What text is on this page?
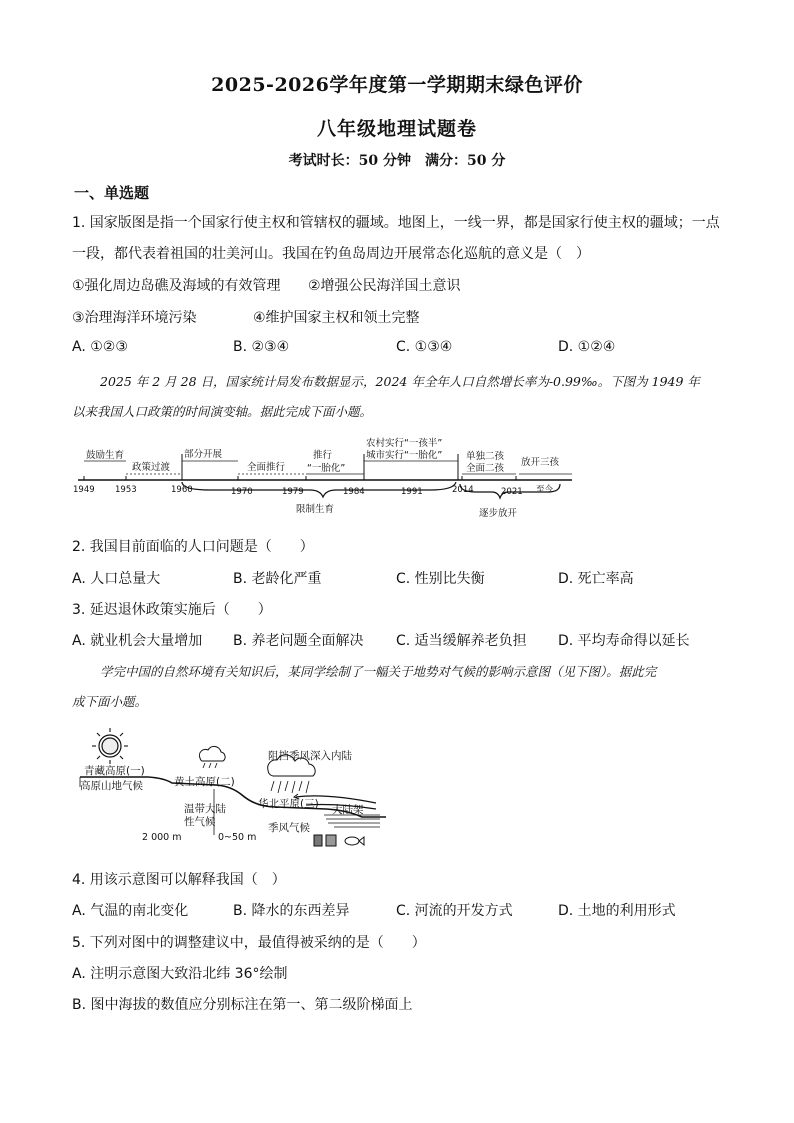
2025-2026学年度第一学期期末绿色评价
八年级地理试题卷
考试时长：50 分钟　满分：50 分
一、单选题
1. 国家版图是指一个国家行使主权和管辖权的疆域。地图上，一线一界，都是国家行使主权的疆域；一点
一段，都代表着祖国的壮美河山。我国在钓鱼岛周边开展常态化巡航的意义是（　）
①强化周边岛礁及海域的有效管理 ②增强公民海洋国土意识
③治理海洋环境污染	④维护国家主权和领土完整
A. ①②③	B. ②③④	C. ①③④	D. ①②④
2025 年 2 月 28 日，国家统计局发布数据显示，2024 年全年人口自然增长率为-0.99‰。下图为 1949 年
以来我国人口政策的时间演变轴。据此完成下面小题。
鼓励生育
政策过渡
部分开展
全面推行
推行
“一胎化”
农村实行“一孩半”
城市实行“一胎化” 单独二孩
全面二孩
放开三孩
1949 1953	1960	1970	1979	1984	1991	2014	2021 至今
限制生育	逐步放开
2. 我国目前面临的人口问题是（　　）
A. 人口总量大	B. 老龄化严重	C. 性别比失衡	D. 死亡率高
3. 延迟退休政策实施后（　　）
A. 就业机会大量增加 B. 养老问题全面解决 C. 适当缓解养老负担 D. 平均寿命得以延长
学完中国的自然环境有关知识后，某同学绘制了一幅关于地势对气候的影响示意图（见下图）。据此完
成下面小题。
青藏高原(一)
高原山地气候	黄土高原(二)
温带大陆
性气候
阻挡季风深入内陆
华北平原(三) 大陆架
季风气候
2 000 m	0~50 m
4. 用该示意图可以解释我国（　）
A. 气温的南北变化	B. 降水的东西差异	C. 河流的开发方式	D. 土地的利用形式
5. 下列对图中的调整建议中，最值得被采纳的是（　　）
A. 注明示意图大致沿北纬 36°绘制
B. 图中海拔的数值应分别标注在第一、第二级阶梯面上
